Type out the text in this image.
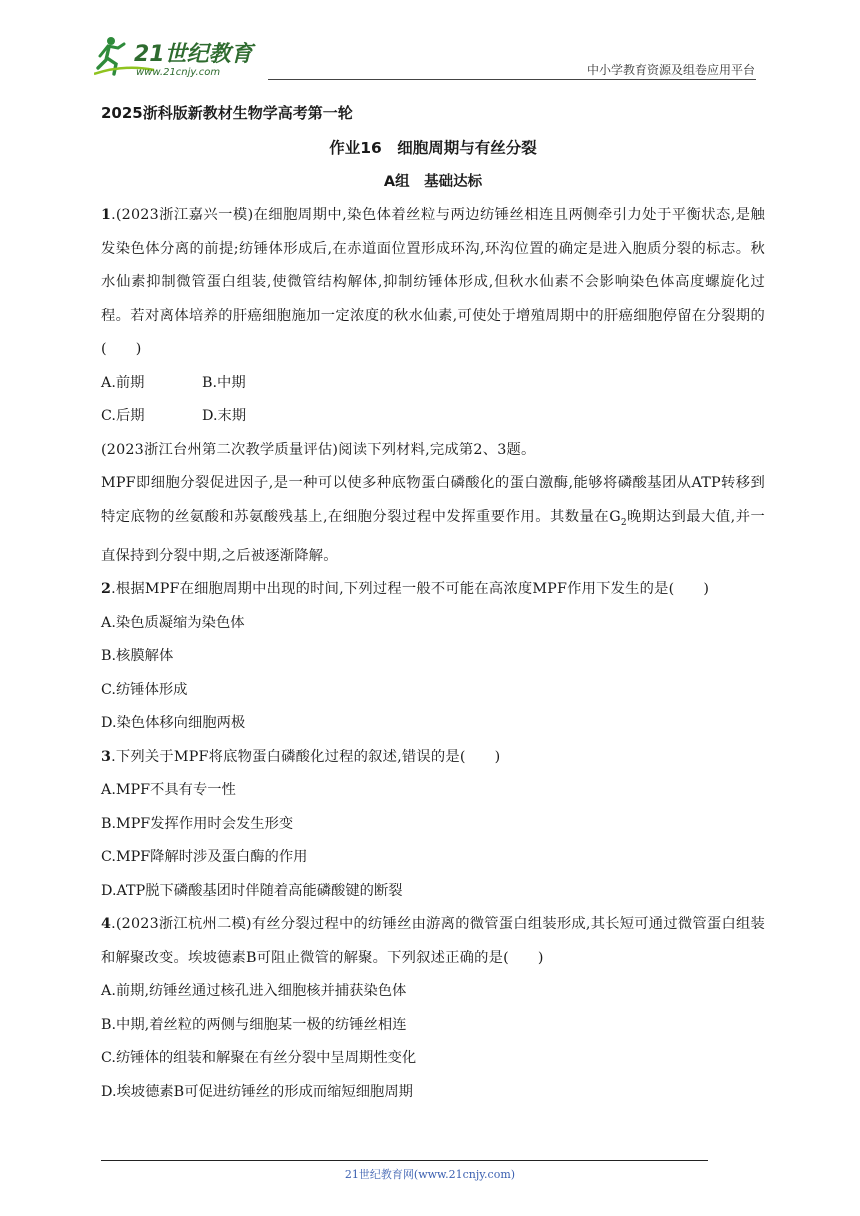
21世纪教育
www.21cnjy.com	中小学教育资源及组卷应用平台
2025浙科版新教材生物学高考第一轮
作业16　细胞周期与有丝分裂
A组　基础达标
1.(2023浙江嘉兴一模)在细胞周期中,染色体着丝粒与两边纺锤丝相连且两侧牵引力处于平衡状态,是触发染色体分离的前提;纺锤体形成后,在赤道面位置形成环沟,环沟位置的确定是进入胞质分裂的标志。秋水仙素抑制微管蛋白组装,使微管结构解体,抑制纺锤体形成,但秋水仙素不会影响染色体高度螺旋化过程。若对离体培养的肝癌细胞施加一定浓度的秋水仙素,可使处于增殖周期中的肝癌细胞停留在分裂期的(　　)
A.前期	B.中期
C.后期	D.末期
(2023浙江台州第二次教学质量评估)阅读下列材料,完成第2、3题。
MPF即细胞分裂促进因子,是一种可以使多种底物蛋白磷酸化的蛋白激酶,能够将磷酸基团从ATP转移到特定底物的丝氨酸和苏氨酸残基上,在细胞分裂过程中发挥重要作用。其数量在$G_2$晚期达到最大值,并一直保持到分裂中期,之后被逐渐降解。
2.根据MPF在细胞周期中出现的时间,下列过程一般不可能在高浓度MPF作用下发生的是(　　)
A.染色质凝缩为染色体
B.核膜解体
C.纺锤体形成
D.染色体移向细胞两极
3.下列关于MPF将底物蛋白磷酸化过程的叙述,错误的是(　　)
A.MPF不具有专一性
B.MPF发挥作用时会发生形变
C.MPF降解时涉及蛋白酶的作用
D.ATP脱下磷酸基团时伴随着高能磷酸键的断裂
4.(2023浙江杭州二模)有丝分裂过程中的纺锤丝由游离的微管蛋白组装形成,其长短可通过微管蛋白组装和解聚改变。埃坡德素B可阻止微管的解聚。下列叙述正确的是(　　)
A.前期,纺锤丝通过核孔进入细胞核并捕获染色体
B.中期,着丝粒的两侧与细胞某一极的纺锤丝相连
C.纺锤体的组装和解聚在有丝分裂中呈周期性变化
D.埃坡德素B可促进纺锤丝的形成而缩短细胞周期
21世纪教育网(www.21cnjy.com)
